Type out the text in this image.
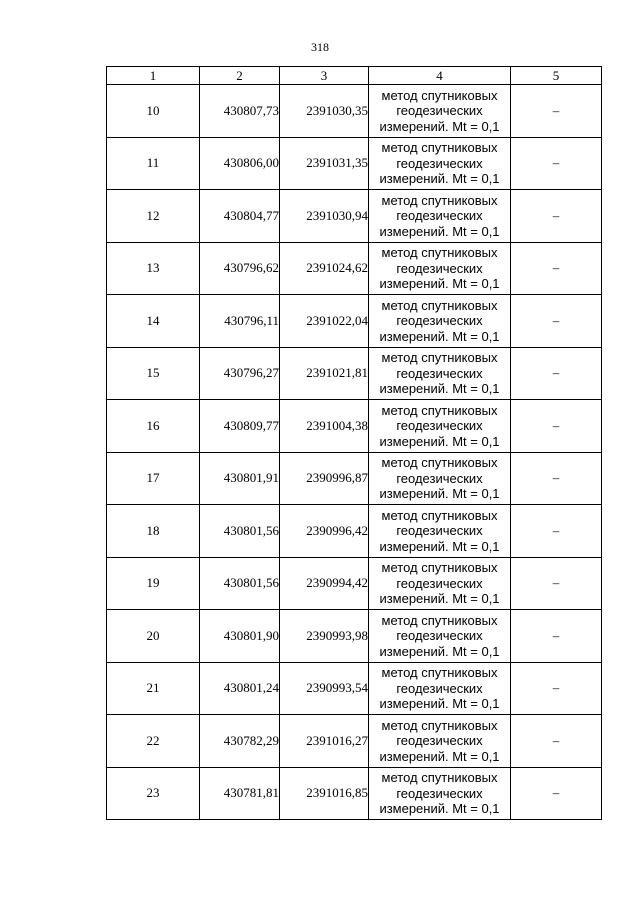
318
1	2	3	4	5
10	430807,73	2391030,35	метод спутниковых геодезических измерений. Mt = 0,1	–
11	430806,00	2391031,35	метод спутниковых геодезических измерений. Mt = 0,1	–
12	430804,77	2391030,94	метод спутниковых геодезических измерений. Mt = 0,1	–
13	430796,62	2391024,62	метод спутниковых геодезических измерений. Mt = 0,1	–
14	430796,11	2391022,04	метод спутниковых геодезических измерений. Mt = 0,1	–
15	430796,27	2391021,81	метод спутниковых геодезических измерений. Mt = 0,1	–
16	430809,77	2391004,38	метод спутниковых геодезических измерений. Mt = 0,1	–
17	430801,91	2390996,87	метод спутниковых геодезических измерений. Mt = 0,1	–
18	430801,56	2390996,42	метод спутниковых геодезических измерений. Mt = 0,1	–
19	430801,56	2390994,42	метод спутниковых геодезических измерений. Mt = 0,1	–
20	430801,90	2390993,98	метод спутниковых геодезических измерений. Mt = 0,1	–
21	430801,24	2390993,54	метод спутниковых геодезических измерений. Mt = 0,1	–
22	430782,29	2391016,27	метод спутниковых геодезических измерений. Mt = 0,1	–
23	430781,81	2391016,85	метод спутниковых геодезических измерений. Mt = 0,1	–
